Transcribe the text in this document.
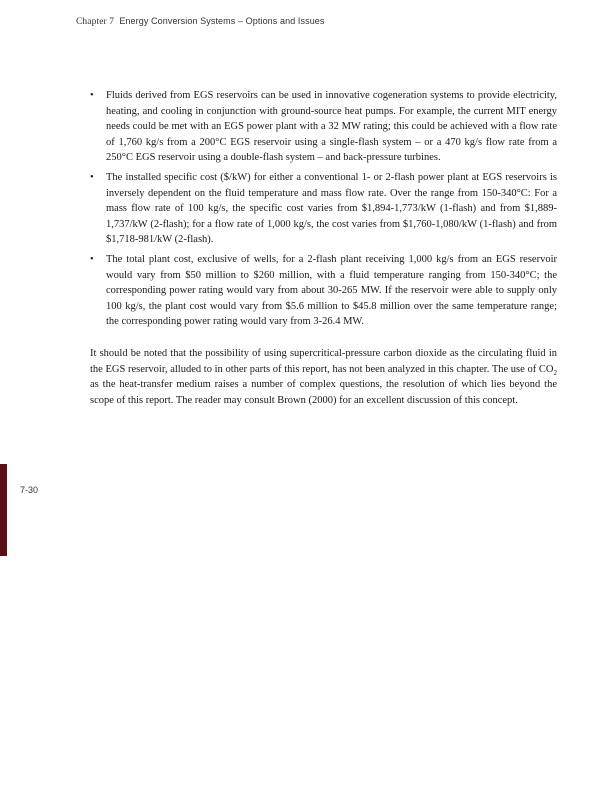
Chapter 7 Energy Conversion Systems – Options and Issues
• Fluids derived from EGS reservoirs can be used in innovative cogeneration systems to provide electricity, heating, and cooling in conjunction with ground-source heat pumps. For example, the current MIT energy needs could be met with an EGS power plant with a 32 MW rating; this could be achieved with a flow rate of 1,760 kg/s from a 200°C EGS reservoir using a single-flash system – or a 470 kg/s flow rate from a 250°C EGS reservoir using a double-flash system – and back-pressure turbines.
• The installed specific cost ($/kW) for either a conventional 1- or 2-flash power plant at EGS reservoirs is inversely dependent on the fluid temperature and mass flow rate. Over the range from 150-340°C: For a mass flow rate of 100 kg/s, the specific cost varies from $1,894-1,773/kW (1-flash) and from $1,889-1,737/kW (2-flash); for a flow rate of 1,000 kg/s, the cost varies from $1,760-1,080/kW (1-flash) and from $1,718-981/kW (2-flash).
• The total plant cost, exclusive of wells, for a 2-flash plant receiving 1,000 kg/s from an EGS reservoir would vary from $50 million to $260 million, with a fluid temperature ranging from 150-340°C; the corresponding power rating would vary from about 30-265 MW. If the reservoir were able to supply only 100 kg/s, the plant cost would vary from $5.6 million to $45.8 million over the same temperature range; the corresponding power rating would vary from 3-26.4 MW.

It should be noted that the possibility of using supercritical-pressure carbon dioxide as the circulating fluid in the EGS reservoir, alluded to in other parts of this report, has not been analyzed in this chapter. The use of $CO_2$ as the heat-transfer medium raises a number of complex questions, the resolution of which lies beyond the scope of this report. The reader may consult Brown (2000) for an excellent discussion of this concept.

7-30
